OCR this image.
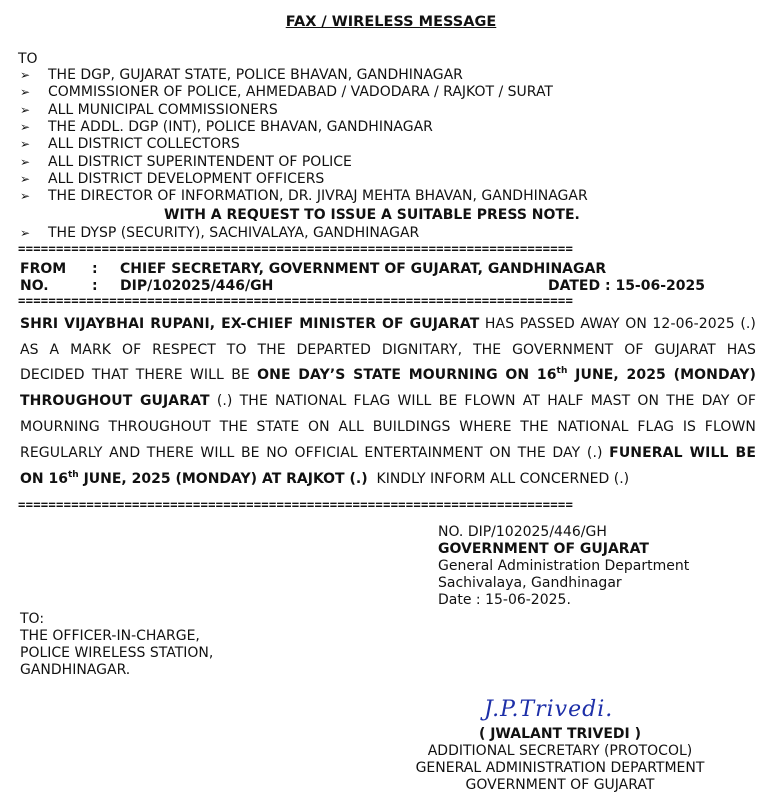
FAX / WIRELESS MESSAGE
TO
➢ THE DGP, GUJARAT STATE, POLICE BHAVAN, GANDHINAGAR
➢ COMMISSIONER OF POLICE, AHMEDABAD / VADODARA / RAJKOT / SURAT
➢ ALL MUNICIPAL COMMISSIONERS
➢ THE ADDL. DGP (INT), POLICE BHAVAN, GANDHINAGAR
➢ ALL DISTRICT COLLECTORS
➢ ALL DISTRICT SUPERINTENDENT OF POLICE
➢ ALL DISTRICT DEVELOPMENT OFFICERS
➢ THE DIRECTOR OF INFORMATION, DR. JIVRAJ MEHTA BHAVAN, GANDHINAGAR
WITH A REQUEST TO ISSUE A SUITABLE PRESS NOTE.
➢ THE DYSP (SECURITY), SACHIVALAYA, GANDHINAGAR
=========================================================================
FROM : CHIEF SECRETARY, GOVERNMENT OF GUJARAT, GANDHINAGAR
NO.	: DIP/102025/446/GH	DATED : 15-06-2025
=========================================================================
SHRI VIJAYBHAI RUPANI, EX-CHIEF MINISTER OF GUJARAT HAS PASSED AWAY ON 12-06-2025 (.)
AS A MARK OF RESPECT TO THE DEPARTED DIGNITARY, THE GOVERNMENT OF GUJARAT HAS
DECIDED THAT THERE WILL BE ONE DAY’S STATE MOURNING ON 16th JUNE, 2025 (MONDAY)
THROUGHOUT GUJARAT (.) THE NATIONAL FLAG WILL BE FLOWN AT HALF MAST ON THE DAY OF
MOURNING THROUGHOUT THE STATE ON ALL BUILDINGS WHERE THE NATIONAL FLAG IS FLOWN
REGULARLY AND THERE WILL BE NO OFFICIAL ENTERTAINMENT ON THE DAY (.) FUNERAL WILL BE
ON 16th JUNE, 2025 (MONDAY) AT RAJKOT (.) KINDLY INFORM ALL CONCERNED (.)
=========================================================================
NO. DIP/102025/446/GH
GOVERNMENT OF GUJARAT
General Administration Department
Sachivalaya, Gandhinagar
Date : 15-06-2025.
TO:
THE OFFICER-IN-CHARGE,
POLICE WIRELESS STATION,
GANDHINAGAR.
J.P.Trivedi.
( JWALANT TRIVEDI )
ADDITIONAL SECRETARY (PROTOCOL)
GENERAL ADMINISTRATION DEPARTMENT
GOVERNMENT OF GUJARAT
